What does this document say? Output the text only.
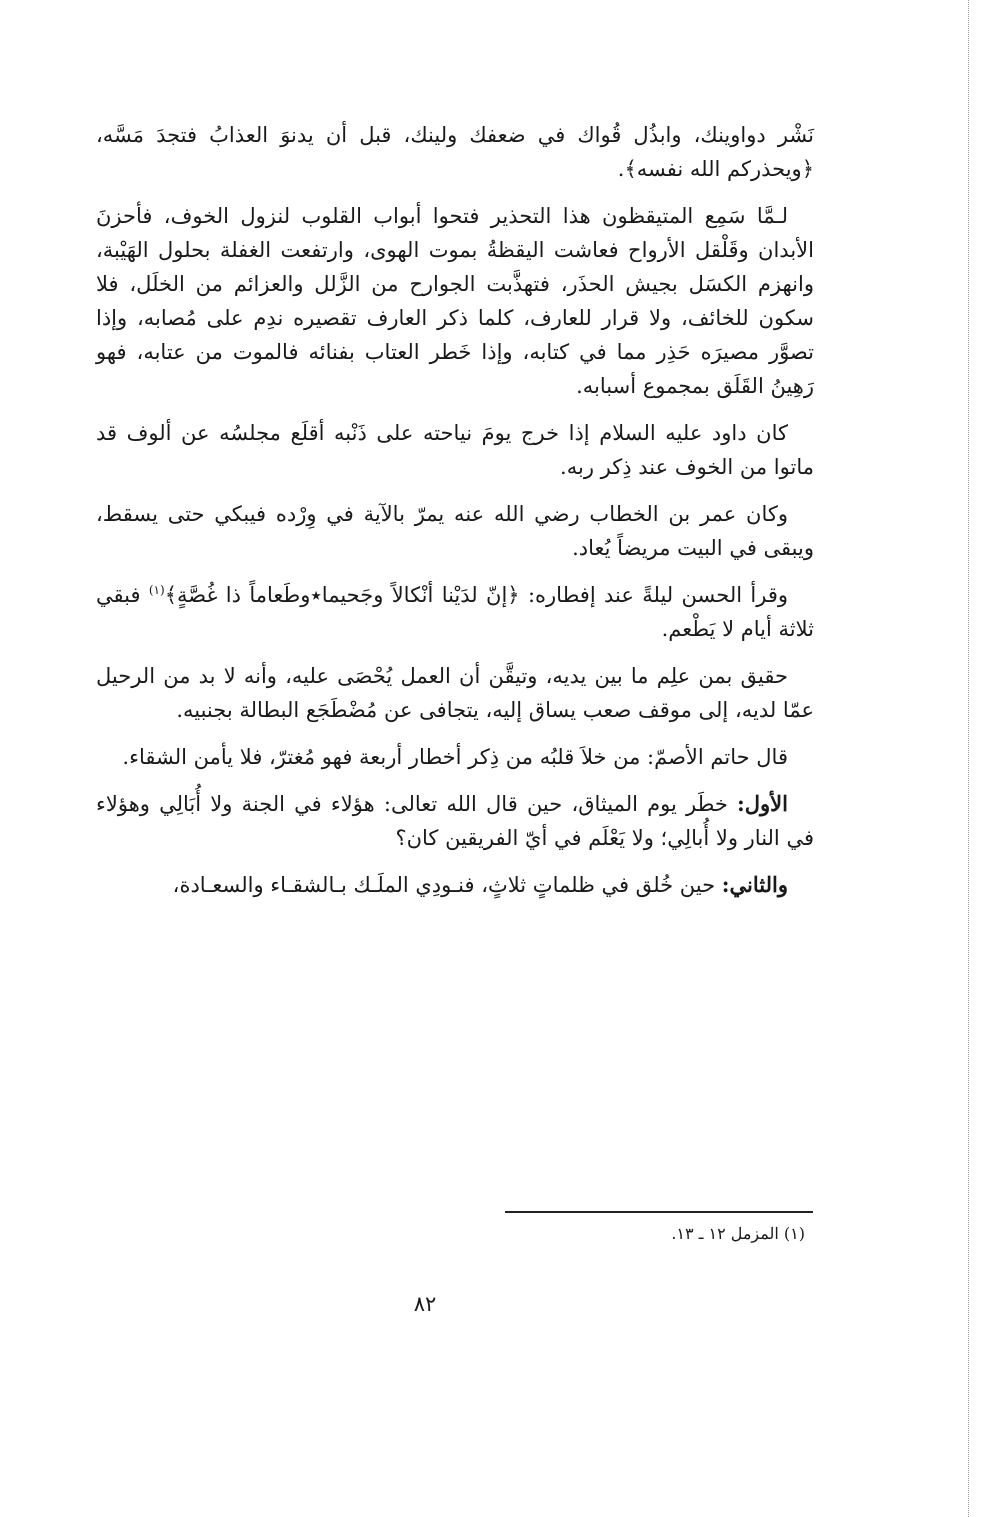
نَشْر دواوينك، وابذُل قُواك في ضعفك ولينك، قبل أن يدنوَ العذابُ فتجدَ مَسَّه، ﴿ويحذركم الله نفسه﴾.

لـمَّا سَمِع المتيقظون هذا التحذير فتحوا أبواب القلوب لنزول الخوف، فأحزنَ الأبدان وقَلْقل الأرواح فعاشت اليقظةُ بموت الهوى، وارتفعت الغفلة بحلول الهَيْبة، وانهزم الكسَل بجيش الحذَر، فتهذَّبت الجوارح من الزَّلل والعزائم من الخلَل، فلا سكون للخائف، ولا قرار للعارف، كلما ذكر العارف تقصيره ندِم على مُصابه، وإذا تصوَّر مصيرَه حَذِر مما في كتابه، وإذا خَطر العتاب بفنائه فالموت من عتابه، فهو رَهِينُ القَلَق بمجموع أسبابه.

كان داود عليه السلام إذا خرج يومَ نياحته على ذَنْبه أقلَع مجلسُه عن ألوف قد ماتوا من الخوف عند ذِكر ربه.

وكان عمر بن الخطاب رضي الله عنه يمرّ بالآية في وِرْده فيبكي حتى يسقط، ويبقى في البيت مريضاً يُعاد.

وقرأ الحسن ليلةً عند إفطاره: ﴿إنّ لدَيْنا أنْكالاً وجَحيما٭وطَعاماً ذا غُصَّةٍ﴾$^{(١)}$ فبقي ثلاثة أيام لا يَطْعم.

حقيق بمن علِم ما بين يديه، وتيقَّن أن العمل يُحْصَى عليه، وأنه لا بد من الرحيل عمّا لديه، إلى موقف صعب يساق إليه، يتجافى عن مُضْطَجَع البطالة بجنبيه.

قال حاتم الأصمّ: من خلاَ قلبُه من ذِكر أخطار أربعة فهو مُغترّ، فلا يأمن الشقاء.

الأول: خطَر يوم الميثاق، حين قال الله تعالى: هؤلاء في الجنة ولا أُبَالِي وهؤلاء في النار ولا أُبالِي؛ ولا يَعْلَم في أيّ الفريقين كان؟

والثاني: حين خُلق في ظلماتٍ ثلاثٍ، فنـودِي الملَـك بـالشقـاء والسعـادة،

(١) المزمل ١٢ ـ ١٣.
٨٢
